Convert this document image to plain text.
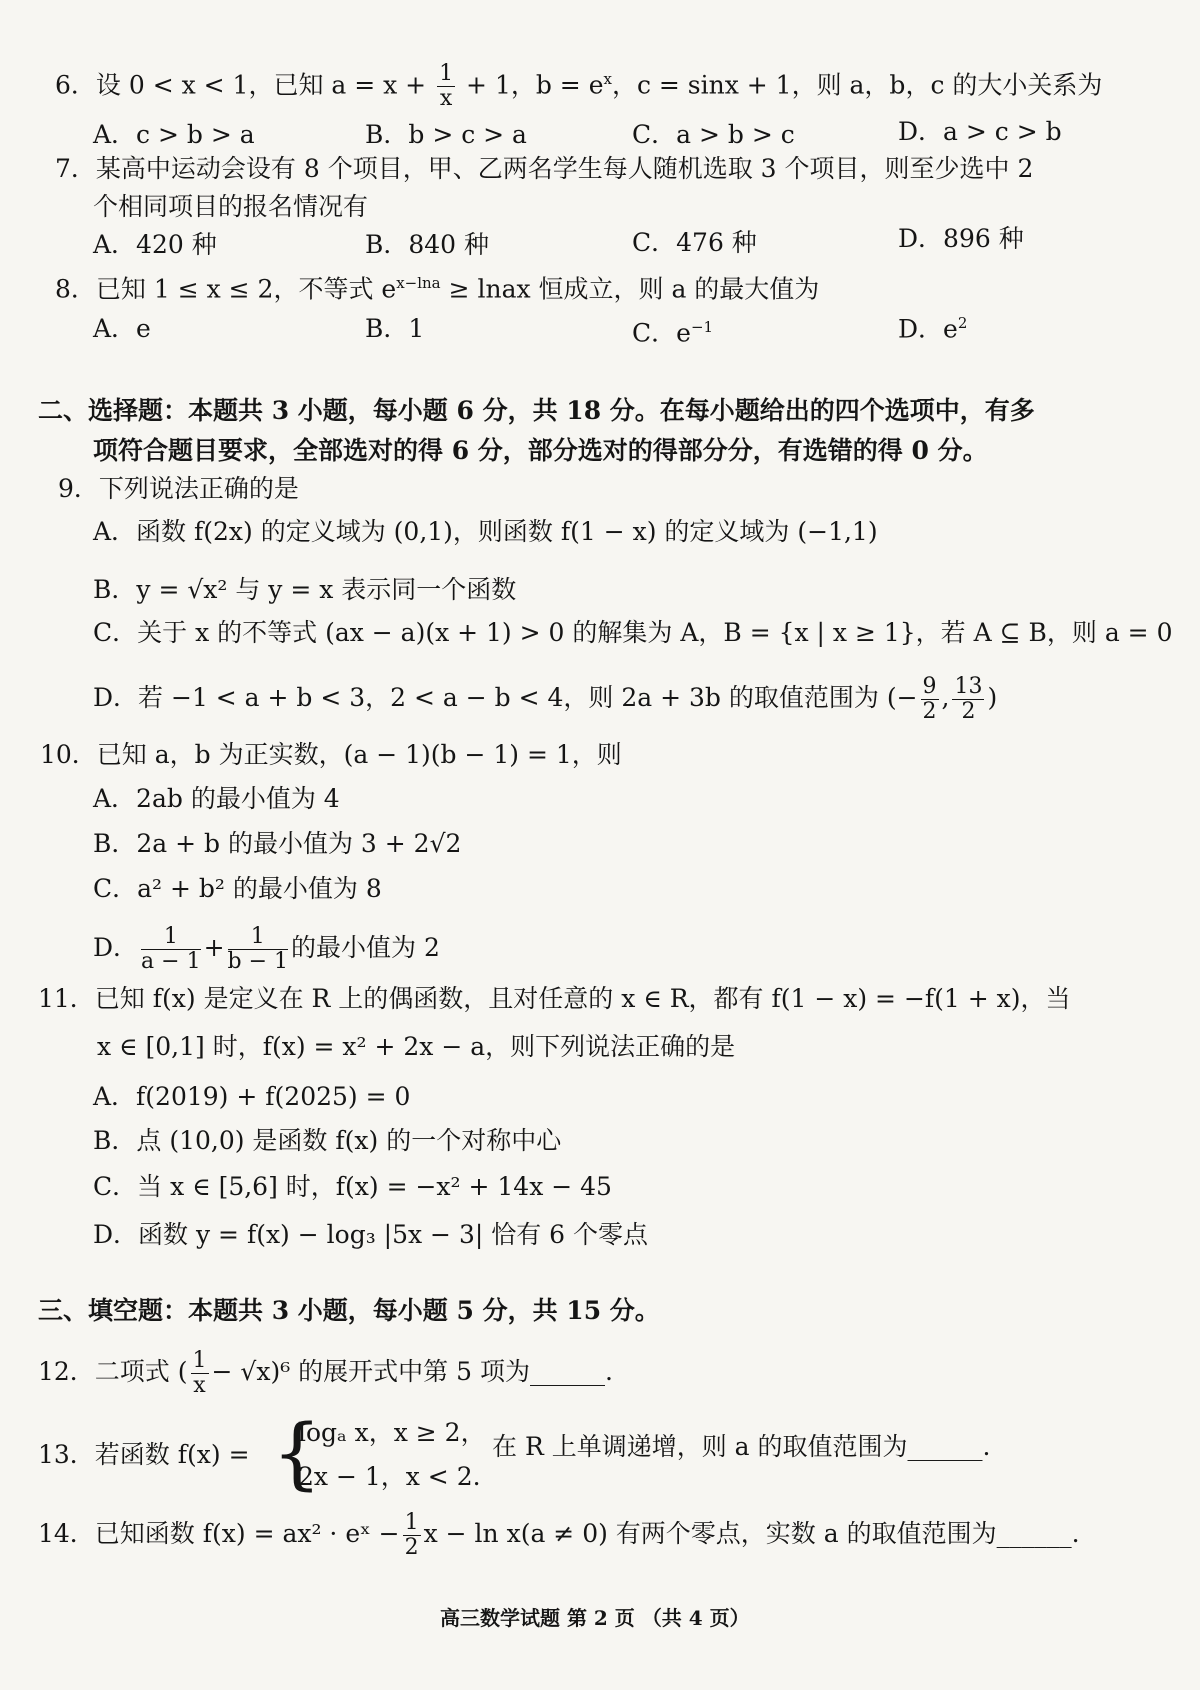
6．设 0 < x < 1，已知 $a = x + \frac{1}{x} + 1$，$b = e^x$，c = sinx + 1，则 a，b，c 的大小关系为
A．c > b > a	B．b > c > a	C．a > b > c	D．a > c > b
7．某高中运动会设有 8 个项目，甲、乙两名学生每人随机选取 3 个项目，则至少选中 2
个相同项目的报名情况有
A．420 种	B．840 种	C．476 种	D．896 种
8．已知 1 ≤ x ≤ 2，不等式 $e^{x-lna}$ ≥ lnax 恒成立，则 a 的最大值为
A．e	B．1	C．$e^{-1}$	D．$e^2$
二、选择题：本题共 3 小题，每小题 6 分，共 18 分。在每小题给出的四个选项中，有多
项符合题目要求，全部选对的得 6 分，部分选对的得部分分，有选错的得 0 分。
9．下列说法正确的是
A．函数 f(2x) 的定义域为 (0,1)，则函数 f(1 − x) 的定义域为 (−1,1)
B．y = √x² 与 y = x 表示同一个函数
C．关于 x 的不等式 (ax − a)(x + 1) > 0 的解集为 A，B = {x | x ≥ 1}，若 A ⊆ B，则 a = 0
D．若 −1 < a + b < 3，2 < a − b < 4，则 2a + 3b 的取值范围为 (− $\frac{9}{2}$ , $\frac{13}{2}$ )
10．已知 a，b 为正实数，(a − 1)(b − 1) = 1，则
A．2ab 的最小值为 4
B．2a + b 的最小值为 3 + 2√2
C．a² + b² 的最小值为 8
D． $\frac{1}{a - 1} + \frac{1}{b - 1}$ 的最小值为 2
11．已知 f(x) 是定义在 R 上的偶函数，且对任意的 x ∈ R，都有 f(1 − x) = −f(1 + x)，当
x ∈ [0,1] 时，f(x) = x² + 2x − a，则下列说法正确的是
A．f(2019) + f(2025) = 0
B．点 (10,0) 是函数 f(x) 的一个对称中心
C．当 x ∈ [5,6] 时，f(x) = −x² + 14x − 45
D．函数 y = f(x) − log₃ |5x − 3| 恰有 6 个零点
三、填空题：本题共 3 小题，每小题 5 分，共 15 分。
12．二项式 ( $\frac{1}{x} - √x)^6$ 的展开式中第 5 项为______.
13．若函数 f(x) = {
logₐ x，x ≥ 2，
2x − 1，x < 2.
在 R 上单调递增，则 a 的取值范围为______.
14．已知函数 f(x) = ax² · eˣ − $\frac{1}{2}$ x − ln x(a ≠ 0) 有两个零点，实数 a 的取值范围为______.
高三数学试题 第 2 页 （共 4 页）
